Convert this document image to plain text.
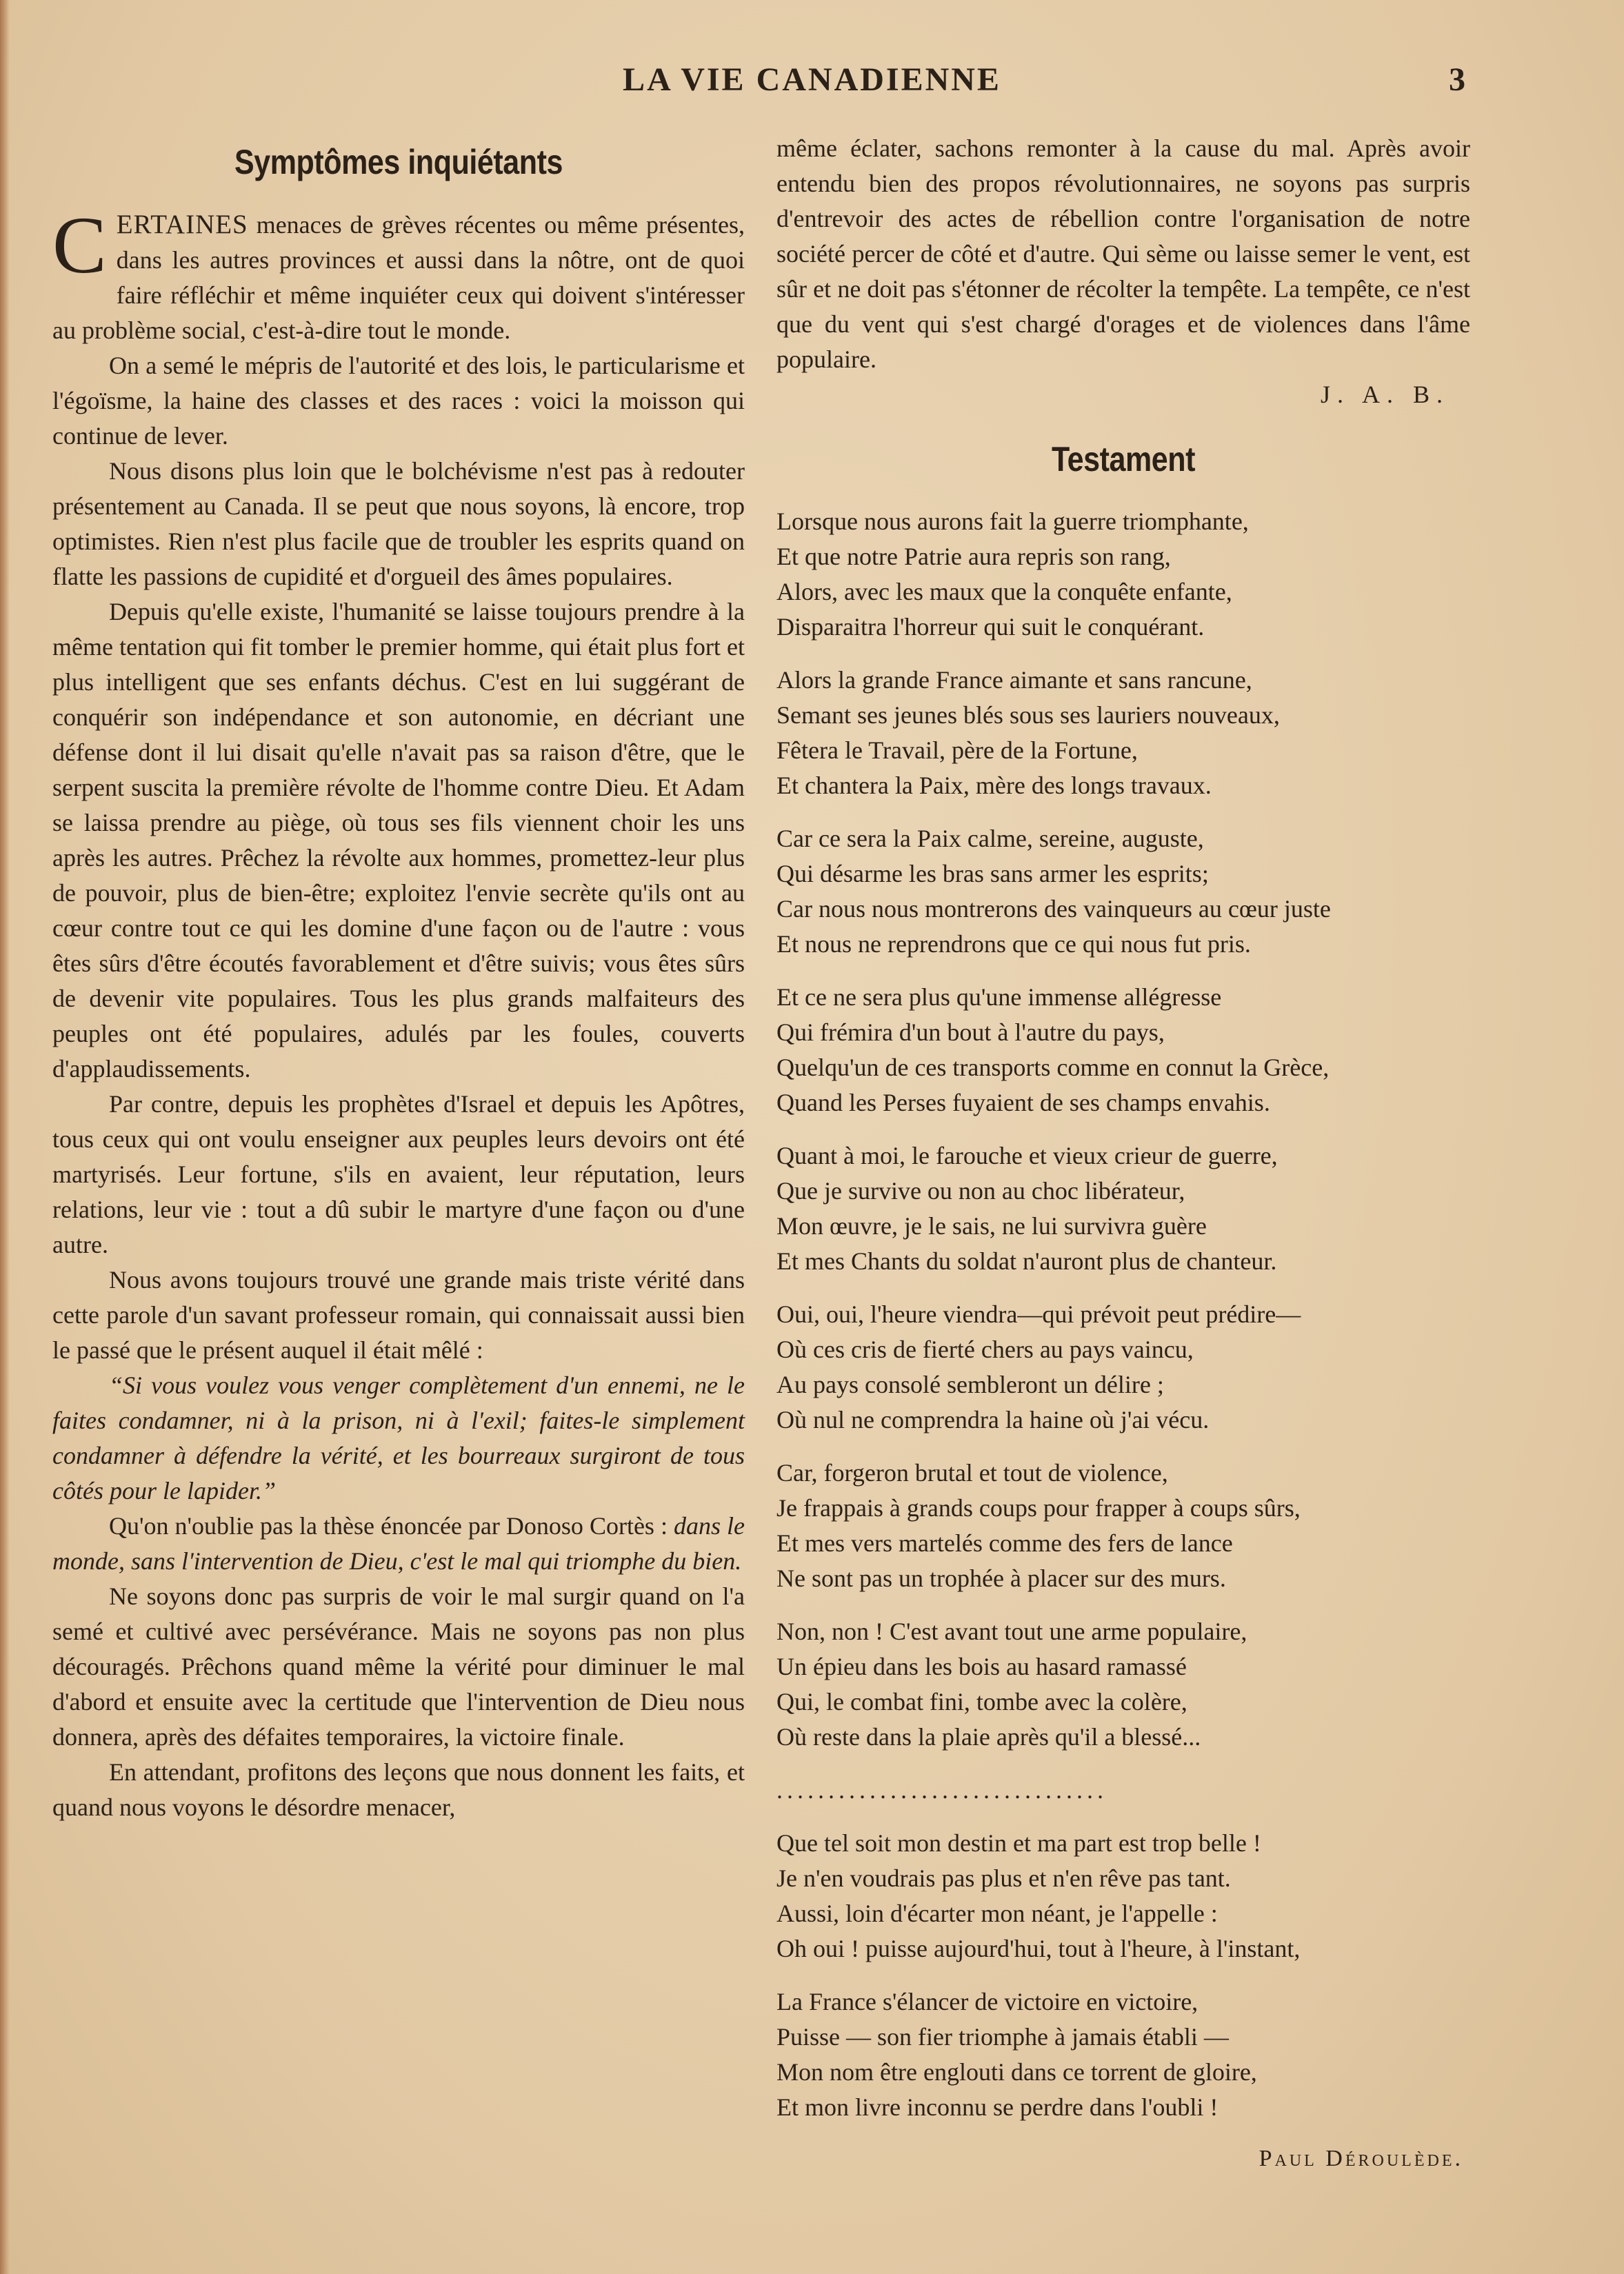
LA VIE CANADIENNE	3
Symptômes inquiétants

CERTAINES menaces de grèves récentes ou même présentes, dans les autres provinces et aussi dans la nôtre, ont de quoi faire réfléchir et même inquiéter ceux qui doivent s'intéresser au problème social, c'est-à-dire tout le monde.

On a semé le mépris de l'autorité et des lois, le particularisme et l'égoïsme, la haine des classes et des races : voici la moisson qui continue de lever.

Nous disons plus loin que le bolchévisme n'est pas à redouter présentement au Canada. Il se peut que nous soyons, là encore, trop optimistes. Rien n'est plus facile que de troubler les esprits quand on flatte les passions de cupidité et d'orgueil des âmes populaires.

Depuis qu'elle existe, l'humanité se laisse toujours prendre à la même tentation qui fit tomber le premier homme, qui était plus fort et plus intelligent que ses enfants déchus. C'est en lui suggérant de conquérir son indépendance et son autonomie, en décriant une défense dont il lui disait qu'elle n'avait pas sa raison d'être, que le serpent suscita la première révolte de l'homme contre Dieu. Et Adam se laissa prendre au piège, où tous ses fils viennent choir les uns après les autres. Prêchez la révolte aux hommes, promettez-leur plus de pouvoir, plus de bien-être; exploitez l'envie secrète qu'ils ont au cœur contre tout ce qui les domine d'une façon ou de l'autre : vous êtes sûrs d'être écoutés favorablement et d'être suivis; vous êtes sûrs de devenir vite populaires. Tous les plus grands malfaiteurs des peuples ont été populaires, adulés par les foules, couverts d'applaudissements.

Par contre, depuis les prophètes d'Israel et depuis les Apôtres, tous ceux qui ont voulu enseigner aux peuples leurs devoirs ont été martyrisés. Leur fortune, s'ils en avaient, leur réputation, leurs relations, leur vie : tout a dû subir le martyre d'une façon ou d'une autre.

Nous avons toujours trouvé une grande mais triste vérité dans cette parole d'un savant professeur romain, qui connaissait aussi bien le passé que le présent auquel il était mêlé :

“Si vous voulez vous venger complètement d'un ennemi, ne le faites condamner, ni à la prison, ni à l'exil; faites-le simplement condamner à défendre la vérité, et les bourreaux surgiront de tous côtés pour le lapider.”

Qu'on n'oublie pas la thèse énoncée par Donoso Cortès : dans le monde, sans l'intervention de Dieu, c'est le mal qui triomphe du bien.

Ne soyons donc pas surpris de voir le mal surgir quand on l'a semé et cultivé avec persévérance. Mais ne soyons pas non plus découragés. Prêchons quand même la vérité pour diminuer le mal d'abord et ensuite avec la certitude que l'intervention de Dieu nous donnera, après des défaites temporaires, la victoire finale.

En attendant, profitons des leçons que nous donnent les faits, et quand nous voyons le désordre menacer,

même éclater, sachons remonter à la cause du mal. Après avoir entendu bien des propos révolutionnaires, ne soyons pas surpris d'entrevoir des actes de rébellion contre l'organisation de notre société percer de côté et d'autre. Qui sème ou laisse semer le vent, est sûr et ne doit pas s'étonner de récolter la tempête. La tempête, ce n'est que du vent qui s'est chargé d'orages et de violences dans l'âme populaire.

J. A. B.
Testament
Lorsque nous aurons fait la guerre triomphante,
Et que notre Patrie aura repris son rang,
Alors, avec les maux que la conquête enfante,
Disparaitra l'horreur qui suit le conquérant.
Alors la grande France aimante et sans rancune,
Semant ses jeunes blés sous ses lauriers nouveaux,
Fêtera le Travail, père de la Fortune,
Et chantera la Paix, mère des longs travaux.
Car ce sera la Paix calme, sereine, auguste,
Qui désarme les bras sans armer les esprits;
Car nous nous montrerons des vainqueurs au cœur juste
Et nous ne reprendrons que ce qui nous fut pris.
Et ce ne sera plus qu'une immense allégresse
Qui frémira d'un bout à l'autre du pays,
Quelqu'un de ces transports comme en connut la Grèce,
Quand les Perses fuyaient de ses champs envahis.
Quant à moi, le farouche et vieux crieur de guerre,
Que je survive ou non au choc libérateur,
Mon œuvre, je le sais, ne lui survivra guère
Et mes Chants du soldat n'auront plus de chanteur.
Oui, oui, l'heure viendra—qui prévoit peut prédire—
Où ces cris de fierté chers au pays vaincu,
Au pays consolé sembleront un délire ;
Où nul ne comprendra la haine où j'ai vécu.
Car, forgeron brutal et tout de violence,
Je frappais à grands coups pour frapper à coups sûrs,
Et mes vers martelés comme des fers de lance
Ne sont pas un trophée à placer sur des murs.
Non, non ! C'est avant tout une arme populaire,
Un épieu dans les bois au hasard ramassé
Qui, le combat fini, tombe avec la colère,
Où reste dans la plaie après qu'il a blessé...
................................
Que tel soit mon destin et ma part est trop belle !
Je n'en voudrais pas plus et n'en rêve pas tant.
Aussi, loin d'écarter mon néant, je l'appelle :
Oh oui ! puisse aujourd'hui, tout à l'heure, à l'instant,
La France s'élancer de victoire en victoire,
Puisse — son fier triomphe à jamais établi —
Mon nom être englouti dans ce torrent de gloire,
Et mon livre inconnu se perdre dans l'oubli !
Paul Déroulède.
